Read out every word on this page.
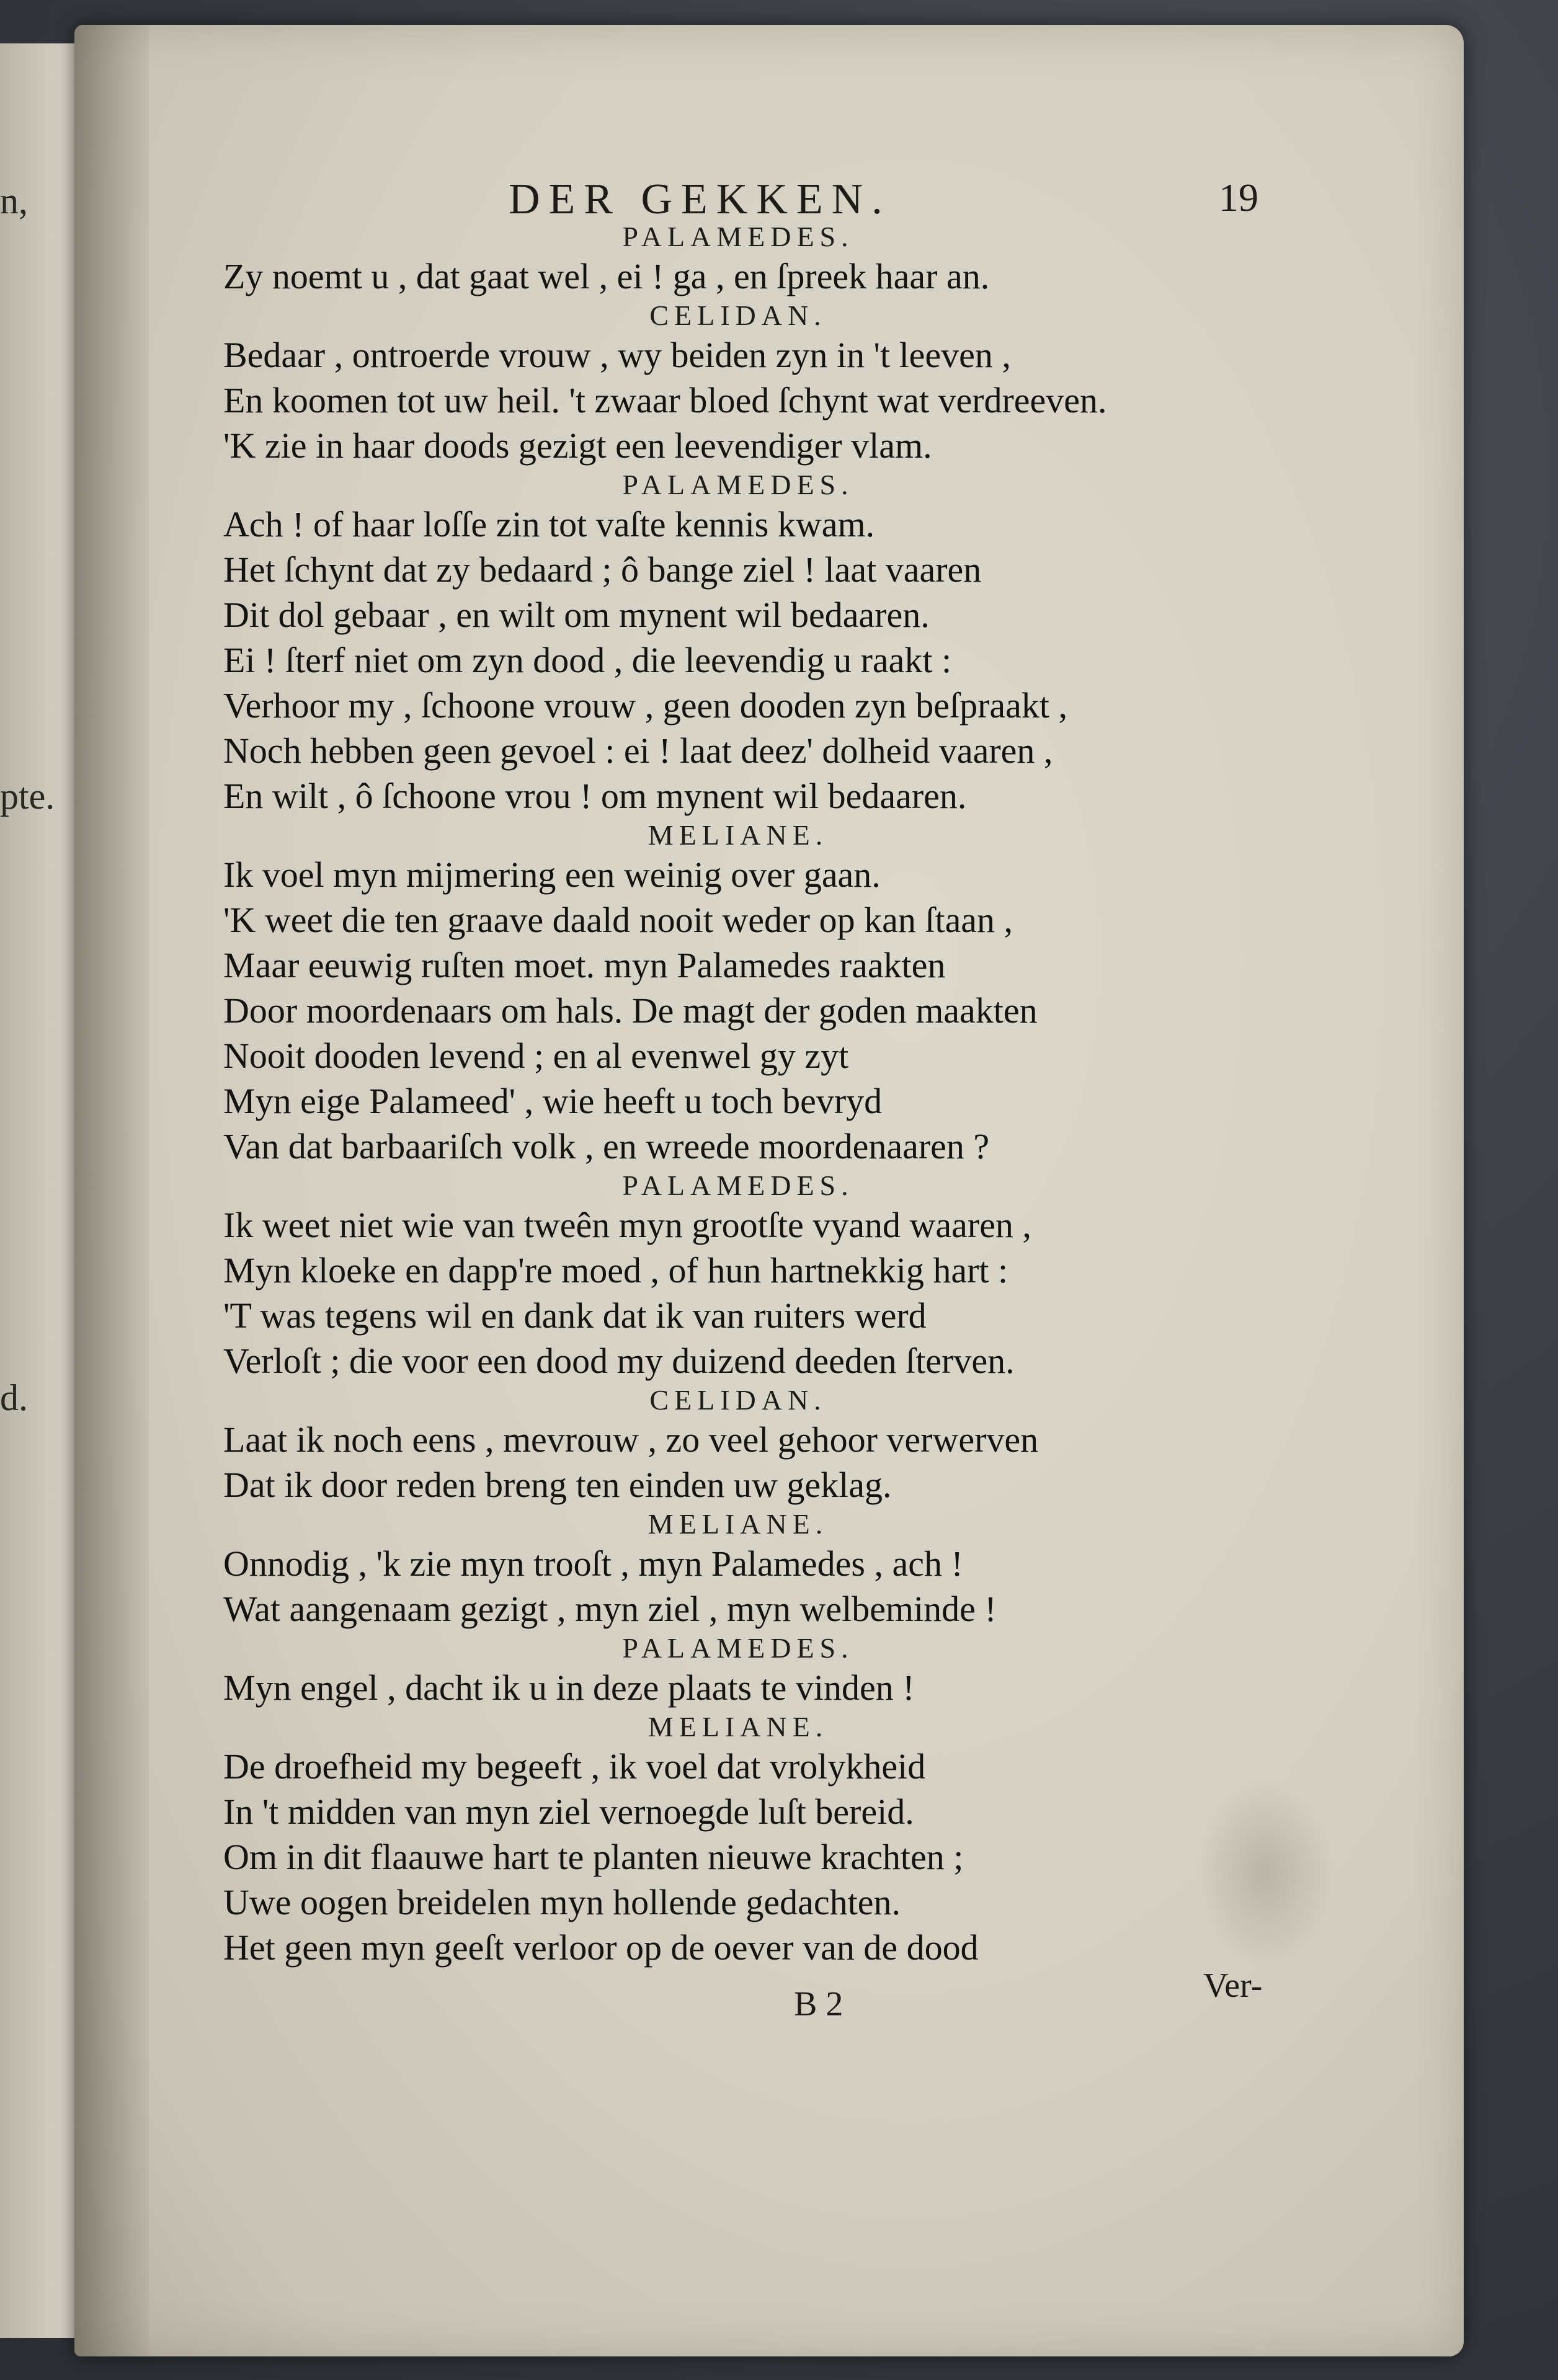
n,
pte.
d.
DER GEKKEN.	19
PALAMEDES.
Zy noemt u , dat gaat wel , ei ! ga , en ſpreek haar an.
CELIDAN.
Bedaar , ontroerde vrouw , wy beiden zyn in 't leeven ,
En koomen tot uw heil. 't zwaar bloed ſchynt wat verdreeven.
'K zie in haar doods gezigt een leevendiger vlam.
PALAMEDES.
Ach ! of haar loſſe zin tot vaſte kennis kwam.
Het ſchynt dat zy bedaard ; ô bange ziel ! laat vaaren
Dit dol gebaar , en wilt om mynent wil bedaaren.
Ei ! ſterf niet om zyn dood , die leevendig u raakt :
Verhoor my , ſchoone vrouw , geen dooden zyn beſpraakt ,
Noch hebben geen gevoel : ei ! laat deez' dolheid vaaren ,
En wilt , ô ſchoone vrou ! om mynent wil bedaaren.
MELIANE.
Ik voel myn mijmering een weinig over gaan.
'K weet die ten graave daald nooit weder op kan ſtaan ,
Maar eeuwig ruſten moet. myn Palamedes raakten
Door moordenaars om hals. De magt der goden maakten
Nooit dooden levend ; en al evenwel gy zyt
Myn eige Palameed' , wie heeft u toch bevryd
Van dat barbaariſch volk , en wreede moordenaaren ?
PALAMEDES.
Ik weet niet wie van tweên myn grootſte vyand waaren ,
Myn kloeke en dapp're moed , of hun hartnekkig hart :
'T was tegens wil en dank dat ik van ruiters werd
Verloſt ; die voor een dood my duizend deeden ſterven.
CELIDAN.
Laat ik noch eens , mevrouw , zo veel gehoor verwerven
Dat ik door reden breng ten einden uw geklag.
MELIANE.
Onnodig , 'k zie myn trooſt , myn Palamedes , ach !
Wat aangenaam gezigt , myn ziel , myn welbeminde !
PALAMEDES.
Myn engel , dacht ik u in deze plaats te vinden !
MELIANE.
De droefheid my begeeft , ik voel dat vrolykheid
In 't midden van myn ziel vernoegde luſt bereid.
Om in dit flaauwe hart te planten nieuwe krachten ;
Uwe oogen breidelen myn hollende gedachten.
Het geen myn geeſt verloor op de oever van de dood
B 2	Ver-
